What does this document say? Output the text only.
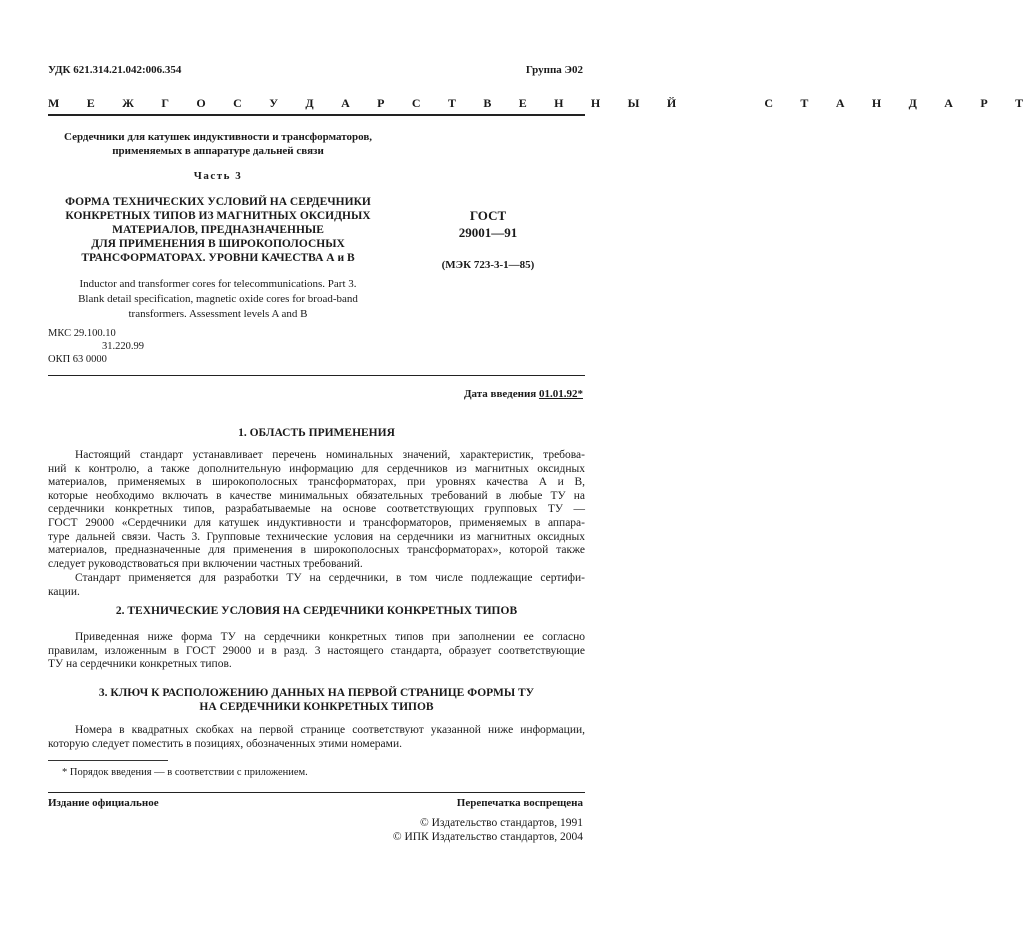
УДК 621.314.21.042:006.354	Группа Э02
М Е Ж Г О С У Д А Р С Т В Е Н Н Ы Й     С Т А Н Д А Р Т
Сердечники для катушек индуктивности и трансформаторов,
применяемых в аппаратуре дальней связи
Часть 3
ФОРМА ТЕХНИЧЕСКИХ УСЛОВИЙ НА СЕРДЕЧНИКИ
КОНКРЕТНЫХ ТИПОВ ИЗ МАГНИТНЫХ ОКСИДНЫХ
МАТЕРИАЛОВ, ПРЕДНАЗНАЧЕННЫЕ
ДЛЯ ПРИМЕНЕНИЯ В ШИРОКОПОЛОСНЫХ
ТРАНСФОРМАТОРАХ. УРОВНИ КАЧЕСТВА А и В
ГОСТ
29001—91
(МЭК 723-3-1—85)
Inductor and transformer cores for telecommunications. Part 3.
Blank detail specification, magnetic oxide cores for broad-band
transformers. Assessment levels A and B
МКС 29.100.10
31.220.99
ОКП 63 0000
Дата введения 01.01.92*
1. ОБЛАСТЬ ПРИМЕНЕНИЯ
Настоящий стандарт устанавливает перечень номинальных значений, характеристик, требова-
ний к контролю, а также дополнительную информацию для сердечников из магнитных оксидных
материалов, применяемых в широкополосных трансформаторах, при уровнях качества А и В,
которые необходимо включать в качестве минимальных обязательных требований в любые ТУ на
сердечники конкретных типов, разрабатываемые на основе соответствующих групповых ТУ —
ГОСТ 29000 «Сердечники для катушек индуктивности и трансформаторов, применяемых в аппара-
туре дальней связи. Часть 3. Групповые технические условия на сердечники из магнитных оксидных
материалов, предназначенные для применения в широкополосных трансформаторах», которой также
следует руководствоваться при включении частных требований.
Стандарт применяется для разработки ТУ на сердечники, в том числе подлежащие сертифи-
кации.
2. ТЕХНИЧЕСКИЕ УСЛОВИЯ НА СЕРДЕЧНИКИ КОНКРЕТНЫХ ТИПОВ
Приведенная ниже форма ТУ на сердечники конкретных типов при заполнении ее согласно
правилам, изложенным в ГОСТ 29000 и в разд. 3 настоящего стандарта, образует соответствующие
ТУ на сердечники конкретных типов.
3. КЛЮЧ К РАСПОЛОЖЕНИЮ ДАННЫХ НА ПЕРВОЙ СТРАНИЦЕ ФОРМЫ ТУ
НА СЕРДЕЧНИКИ КОНКРЕТНЫХ ТИПОВ
Номера в квадратных скобках на первой странице соответствуют указанной ниже информации,
которую следует поместить в позициях, обозначенных этими номерами.
* Порядок введения — в соответствии с приложением.
Издание официальное	Перепечатка воспрещена
© Издательство стандартов, 1991
© ИПК Издательство стандартов, 2004
